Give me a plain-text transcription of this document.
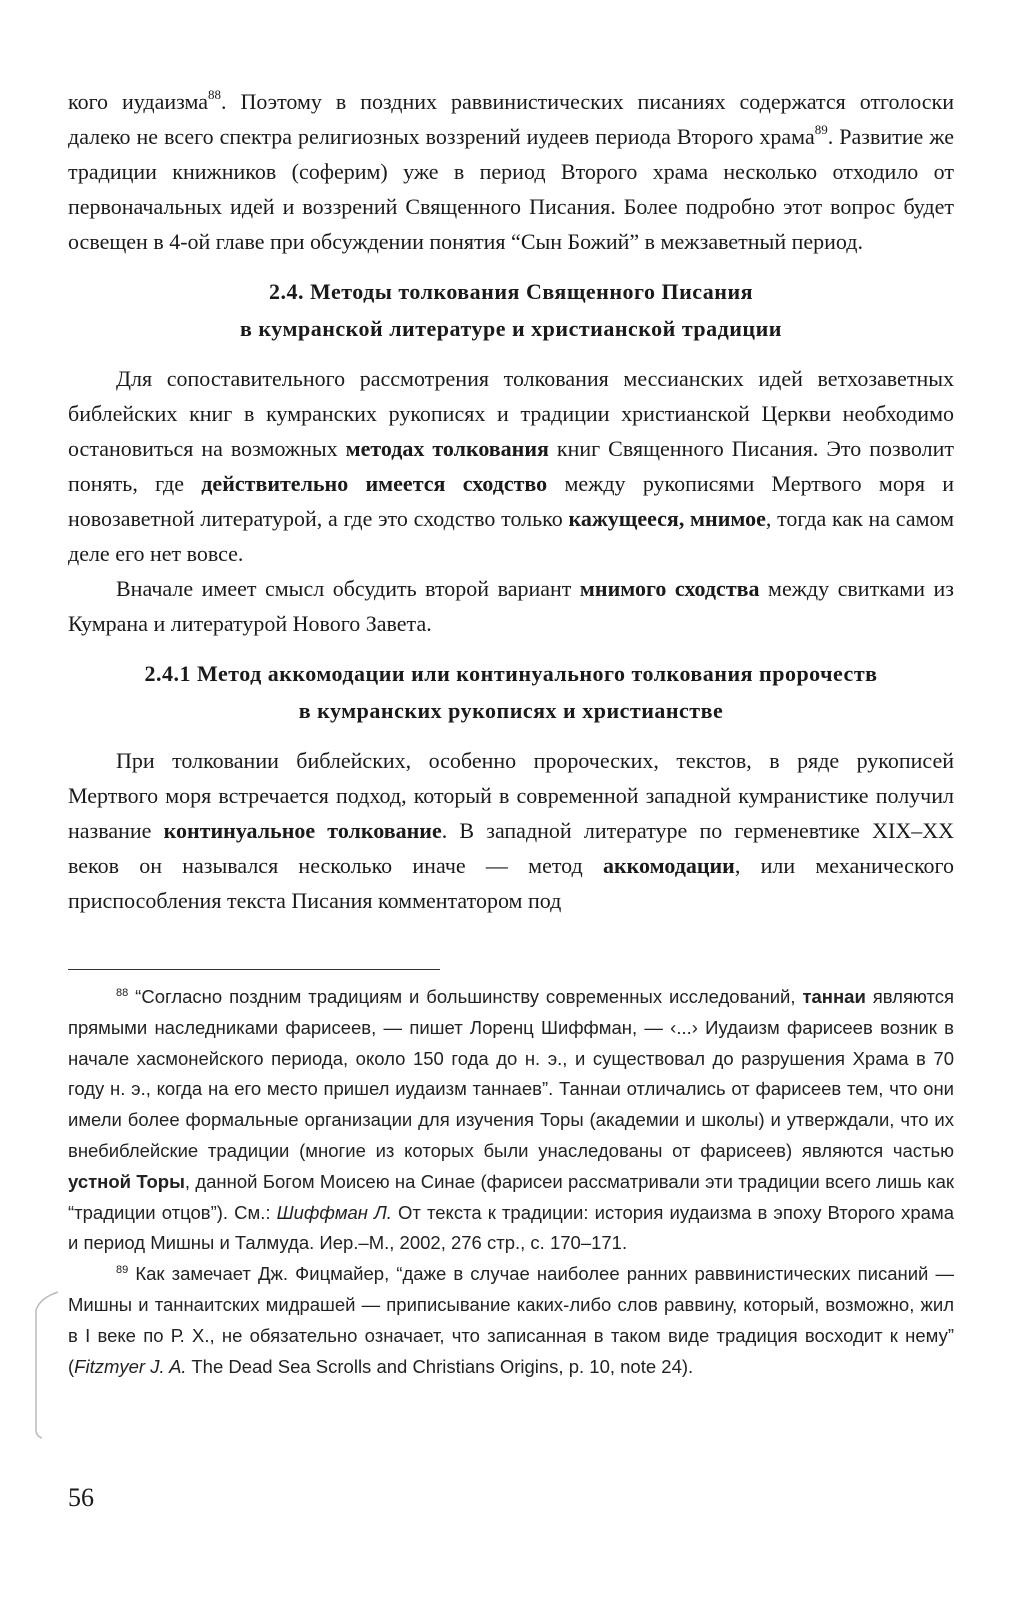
кого иудаизма$^{88}$. Поэтому в поздних раввинистических писаниях содержатся отголоски далеко не всего спектра религиозных воззрений иудеев периода Второго храма$^{89}$. Развитие же традиции книжников (соферим) уже в период Второго храма несколько отходило от первоначальных идей и воззрений Священного Писания. Более подробно этот вопрос будет освещен в 4-ой главе при обсуждении понятия “Сын Божий” в межзаветный период.

2.4. Методы толкования Священного Писания
в кумранской литературе и христианской традиции

Для сопоставительного рассмотрения толкования мессианских идей ветхозаветных библейских книг в кумранских рукописях и традиции христианской Церкви необходимо остановиться на возможных методах толкования книг Священного Писания. Это позволит понять, где действительно имеется сходство между рукописями Мертвого моря и новозаветной литературой, а где это сходство только кажущееся, мнимое, тогда как на самом деле его нет вовсе.

Вначале имеет смысл обсудить второй вариант мнимого сходства между свитками из Кумрана и литературой Нового Завета.

2.4.1 Метод аккомодации или континуального толкования пророчеств
в кумранских рукописях и христианстве

При толковании библейских, особенно пророческих, текстов, в ряде рукописей Мертвого моря встречается подход, который в современной западной кумранистике получил название континуальное толкование. В западной литературе по герменевтике XIX–XX веков он назывался несколько иначе — метод аккомодации, или механического приспособления текста Писания комментатором под

$^{88}$ “Согласно поздним традициям и большинству современных исследований, таннаи являются прямыми наследниками фарисеев, — пишет Лоренц Шиффман, — ‹...› Иудаизм фарисеев возник в начале хасмонейского периода, около 150 года до н. э., и существовал до разрушения Храма в 70 году н. э., когда на его место пришел иудаизм таннаев”. Таннаи отличались от фарисеев тем, что они имели более формальные организации для изучения Торы (академии и школы) и утверждали, что их внебиблейские традиции (многие из которых были унаследованы от фарисеев) являются частью устной Торы, данной Богом Моисею на Синае (фарисеи рассматривали эти традиции всего лишь как “традиции отцов”). См.: Шиффман Л. От текста к традиции: история иудаизма в эпоху Второго храма и период Мишны и Талмуда. Иер.–М., 2002, 276 стр., с. 170–171.

$^{89}$ Как замечает Дж. Фицмайер, “даже в случае наиболее ранних раввинистических писаний — Мишны и таннаитских мидрашей — приписывание каких-либо слов раввину, который, возможно, жил в I веке по Р. Х., не обязательно означает, что записанная в таком виде традиция восходит к нему” (Fitzmyer J. A. The Dead Sea Scrolls and Christians Origins, p. 10, note 24).

56
